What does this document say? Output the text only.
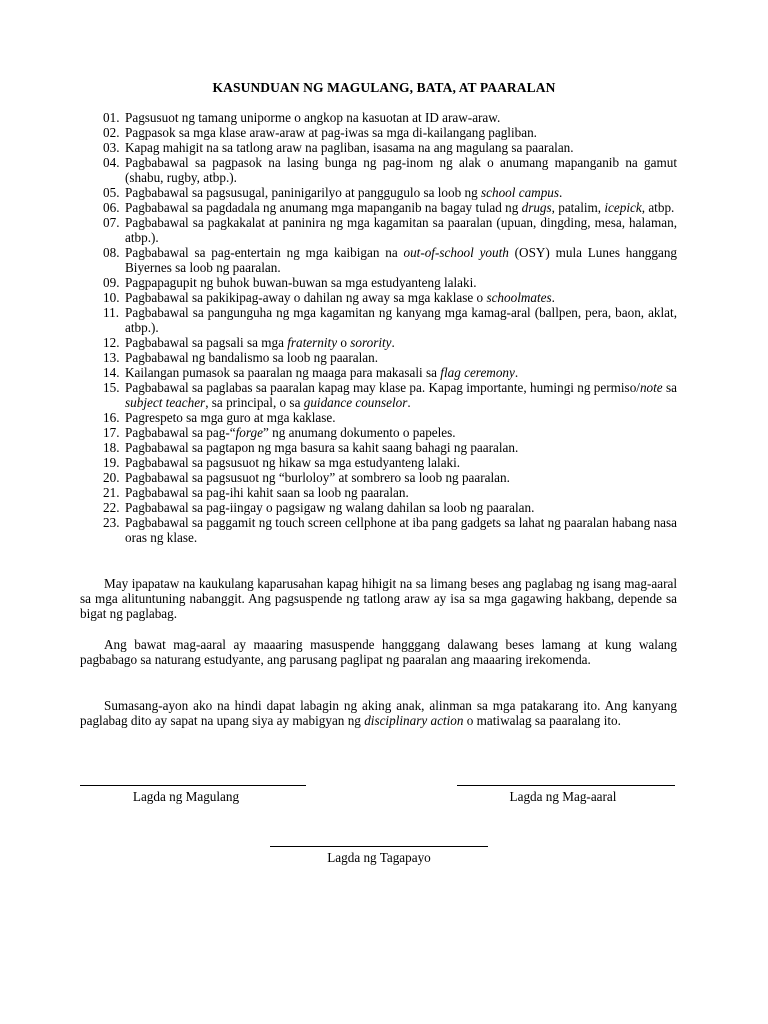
KASUNDUAN NG MAGULANG, BATA, AT PAARALAN
01. Pagsusuot ng tamang uniporme o angkop na kasuotan at ID araw-araw.
02. Pagpasok sa mga klase araw-araw at pag-iwas sa mga di-kailangang pagliban.
03. Kapag mahigit na sa tatlong araw na pagliban, isasama na ang magulang sa paaralan.
04. Pagbabawal sa pagpasok na lasing bunga ng pag-inom ng alak o anumang mapanganib na gamut (shabu, rugby, atbp.).
05. Pagbabawal sa pagsusugal, paninigarilyo at panggugulo sa loob ng school campus.
06. Pagbabawal sa pagdadala ng anumang mga mapanganib na bagay tulad ng drugs, patalim, icepick, atbp.
07. Pagbabawal sa pagkakalat at paninira ng mga kagamitan sa paaralan (upuan, dingding, mesa, halaman, atbp.).
08. Pagbabawal sa pag-entertain ng mga kaibigan na out-of-school youth (OSY) mula Lunes hanggang Biyernes sa loob ng paaralan.
09. Pagpapagupit ng buhok buwan-buwan sa mga estudyanteng lalaki.
10. Pagbabawal sa pakikipag-away o dahilan ng away sa mga kaklase o schoolmates.
11. Pagbabawal sa pangunguha ng mga kagamitan ng kanyang mga kamag-aral (ballpen, pera, baon, aklat, atbp.).
12. Pagbabawal sa pagsali sa mga fraternity o sorority.
13. Pagbabawal ng bandalismo sa loob ng paaralan.
14. Kailangan pumasok sa paaralan ng maaga para makasali sa flag ceremony.
15. Pagbabawal sa paglabas sa paaralan kapag may klase pa. Kapag importante, humingi ng permiso/note sa subject teacher, sa principal, o sa guidance counselor.
16. Pagrespeto sa mga guro at mga kaklase.
17. Pagbabawal sa pag-“forge” ng anumang dokumento o papeles.
18. Pagbabawal sa pagtapon ng mga basura sa kahit saang bahagi ng paaralan.
19. Pagbabawal sa pagsusuot ng hikaw sa mga estudyanteng lalaki.
20. Pagbabawal sa pagsusuot ng “burloloy” at sombrero sa loob ng paaralan.
21. Pagbabawal sa pag-ihi kahit saan sa loob ng paaralan.
22. Pagbabawal sa pag-iingay o pagsigaw ng walang dahilan sa loob ng paaralan.
23. Pagbabawal sa paggamit ng touch screen cellphone at iba pang gadgets sa lahat ng paaralan habang nasa oras ng klase.

May ipapataw na kaukulang kaparusahan kapag hihigit na sa limang beses ang paglabag ng isang mag-aaral sa mga alituntuning nabanggit. Ang pagsuspende ng tatlong araw ay isa sa mga gagawing hakbang, depende sa bigat ng paglabag.

Ang bawat mag-aaral ay maaaring masuspende hangggang dalawang beses lamang at kung walang pagbabago sa naturang estudyante, ang parusang paglipat ng paaralan ang maaaring irekomenda.

Sumasang-ayon ako na hindi dapat labagin ng aking anak, alinman sa mga patakarang ito. Ang kanyang paglabag dito ay sapat na upang siya ay mabigyan ng disciplinary action o matiwalag sa paaralang ito.

Lagda ng Magulang	Lagda ng Mag-aaral
Lagda ng Tagapayo
